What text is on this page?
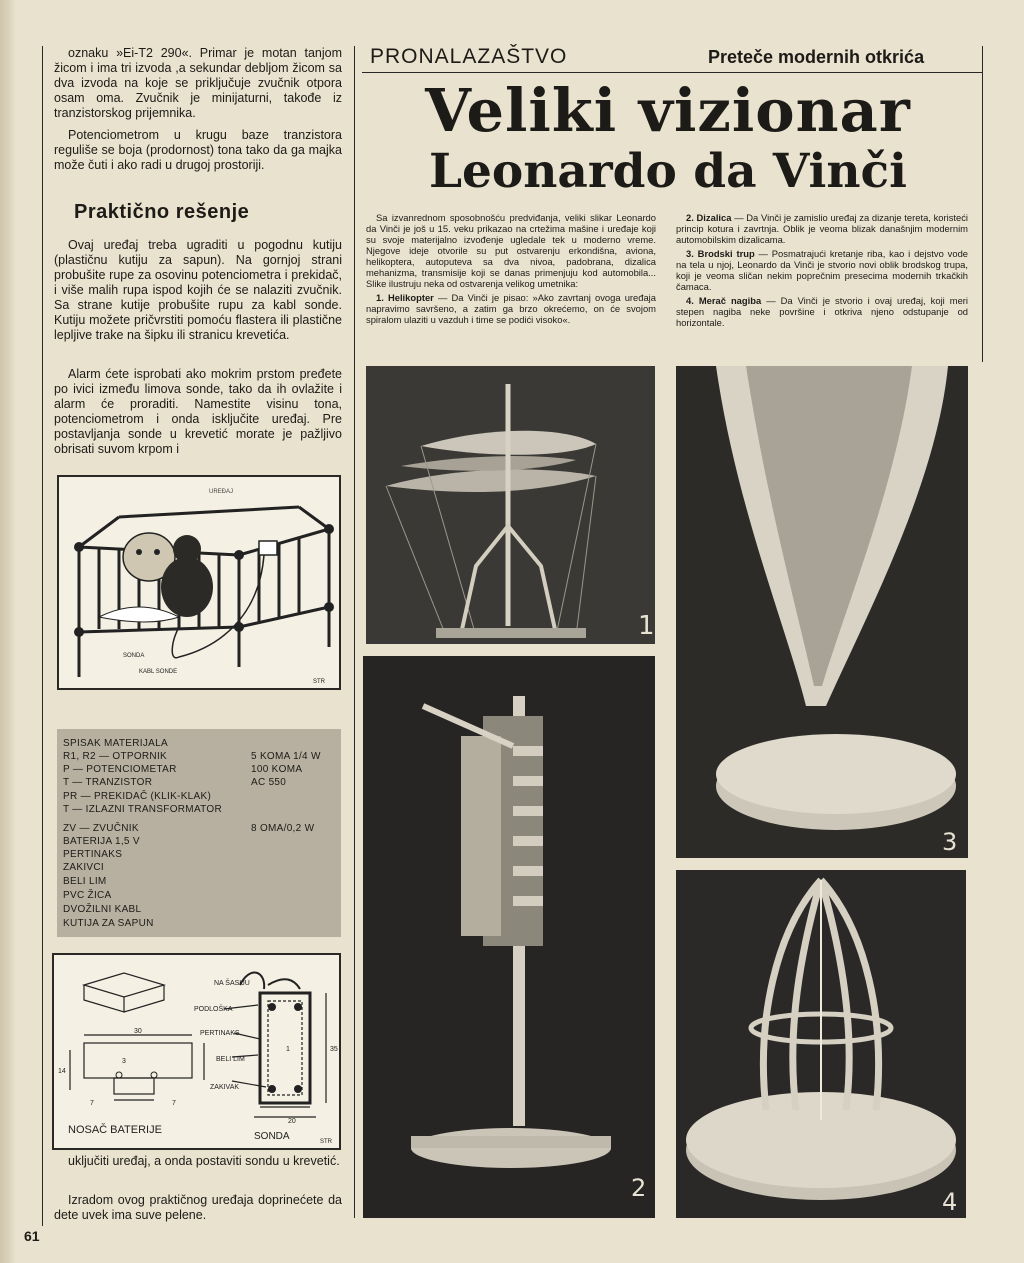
oznaku »Ei-T2 290«. Primar je motan tanjom žicom i ima tri izvoda ,a sekundar debljom žicom sa dva izvoda na koje se priključuje zvučnik otpora osam oma. Zvučnik je minijaturni, takođe iz tranzistorskog prijemnika.

Potenciometrom u krugu baze tranzistora reguliše se boja (prodornost) tona tako da ga majka može čuti i ako radi u drugoj prostoriji.

Praktično rešenje

Ovaj uređaj treba ugraditi u pogodnu kutiju (plastičnu kutiju za sapun). Na gornjoj strani probušite rupe za osovinu potenciometra i prekidač, i više malih rupa ispod kojih će se nalaziti zvučnik. Sa strane kutije probušite rupu za kabl sonde. Kutiju možete pričvrstiti pomoću flastera ili plastične lepljive trake na šipku ili stranicu krevetića.

Alarm ćete isprobati ako mokrim prstom pređete po ivici između limova sonde, tako da ih ovlažite i alarm će proraditi. Namestite visinu tona, potenciometrom i onda isključite uređaj. Pre postavljanja sonde u krevetić morate je pažljivo obrisati suvom krpom i

UREĐAJ
SONDA
KABL SONDE
STR
SPISAK MATERIJALA
R1, R2 — OTPORNIK	5 KOMA 1/4 W
P — POTENCIOMETAR	100 KOMA
T — TRANZISTOR	AC 550
PR — PREKIDAČ (KLIK-KLAK)
T — IZLAZNI TRANSFORMATOR
ZV — ZVUČNIK	8 OMA/0,2 W
BATERIJA 1,5 V
PERTINAKS
ZAKIVCI
BELI LIM
PVC ŽICA
DVOŽILNI KABL
KUTIJA ZA SAPUN
NA ŠASIJU
PODLOŠKA
PERTINAKS
BELI LIM
ZAKIVAK
30
20
7	7
3
14
35
1
STR
NOSAČ BATERIJE
SONDA

uključiti uređaj, a onda postaviti sondu u krevetić.

Izradom ovog praktičnog uređaja doprinećete da dete uvek ima suve pelene.

61
PRONALAZAŠTVO	Preteče modernih otkrića
Veliki vizionar
Leonardo da Vinči

Sa izvanrednom sposobnošću predviđanja, veliki slikar Leonardo da Vinči je još u 15. veku prikazao na crtežima mašine i uređaje koji su svoje materijalno izvođenje ugledale tek u moderno vreme. Njegove ideje otvorile su put ostvarenju erkondišna, aviona, helikoptera, autoputeva sa dva nivoa, padobrana, dizalica mehanizma, transmisije koji se danas primenjuju kod automobila... Slike ilustruju neka od ostvarenja velikog umetnika:

1. Helikopter — Da Vinči je pisao: »Ako zavrtanj ovoga uređaja napravimo savršeno, a zatim ga brzo okrećemo, on će svojom spiralom ulaziti u vazduh i time se podići visoko«.

2. Dizalica — Da Vinči je zamislio uređaj za dizanje tereta, koristeći princip kotura i zavrtnja. Oblik je veoma blizak današnjim modernim automobilskim dizalicama.

3. Brodski trup — Posmatrajući kretanje riba, kao i dejstvo vode na tela u njoj, Leonardo da Vinči je stvorio novi oblik brodskog trupa, koji je veoma sličan nekim poprečnim presecima modernih trkačkih čamaca.

4. Merač nagiba — Da Vinči je stvorio i ovaj uređaj, koji meri stepen nagiba neke površine i otkriva njeno odstupanje od horizontale.

1
2
3
4
